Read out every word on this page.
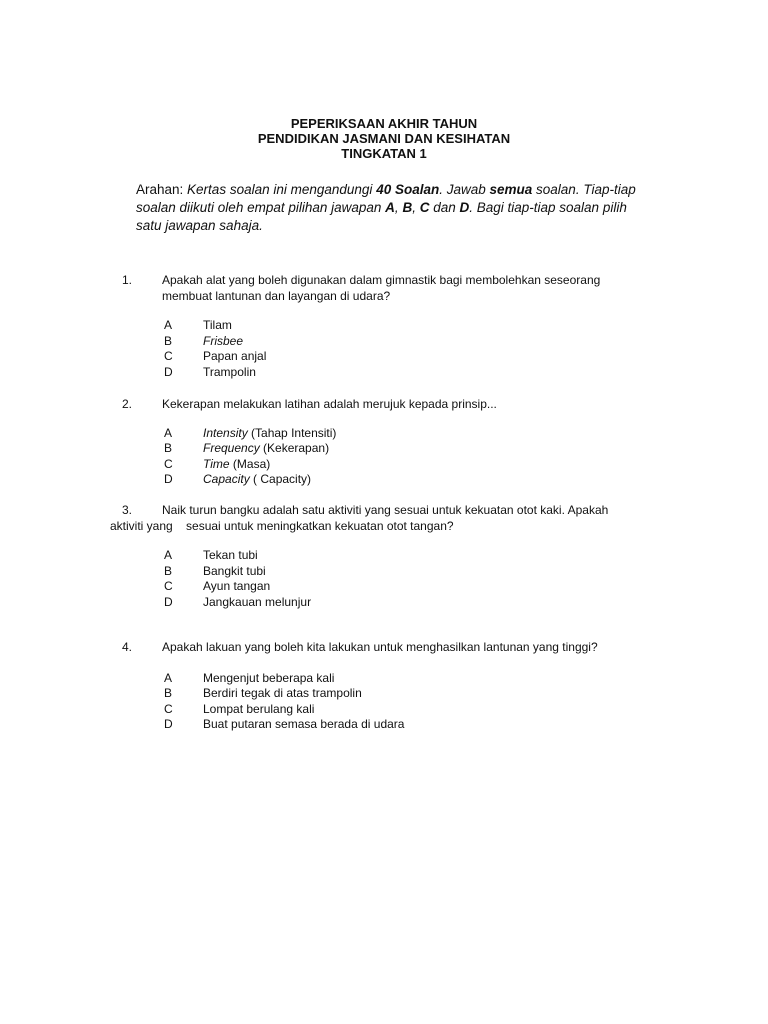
PEPERIKSAAN AKHIR TAHUN
PENDIDIKAN JASMANI DAN KESIHATAN
TINGKATAN 1
Arahan: Kertas soalan ini mengandungi 40 Soalan. Jawab semua soalan. Tiap-tiap soalan diikuti oleh empat pilihan jawapan A, B, C dan D. Bagi tiap-tiap soalan pilih satu jawapan sahaja.
1. Apakah alat yang boleh digunakan dalam gimnastik bagi membolehkan seseorang membuat lantunan dan layangan di udara?
A	Tilam
B	Frisbee
C	Papan anjal
D	Trampolin
2. Kekerapan melakukan latihan adalah merujuk kepada prinsip...
A	Intensity (Tahap Intensiti)
B	Frequency (Kekerapan)
C	Time (Masa)
D	Capacity ( Capacity)
3. Naik turun bangku adalah satu aktiviti yang sesuai untuk kekuatan otot kaki. Apakah
aktiviti yang    sesuai untuk meningkatkan kekuatan otot tangan?
A	Tekan tubi
B	Bangkit tubi
C	Ayun tangan
D	Jangkauan melunjur
4. Apakah lakuan yang boleh kita lakukan untuk menghasilkan lantunan yang tinggi?
A	Mengenjut beberapa kali
B	Berdiri tegak di atas trampolin
C	Lompat berulang kali
D	Buat putaran semasa berada di udara
